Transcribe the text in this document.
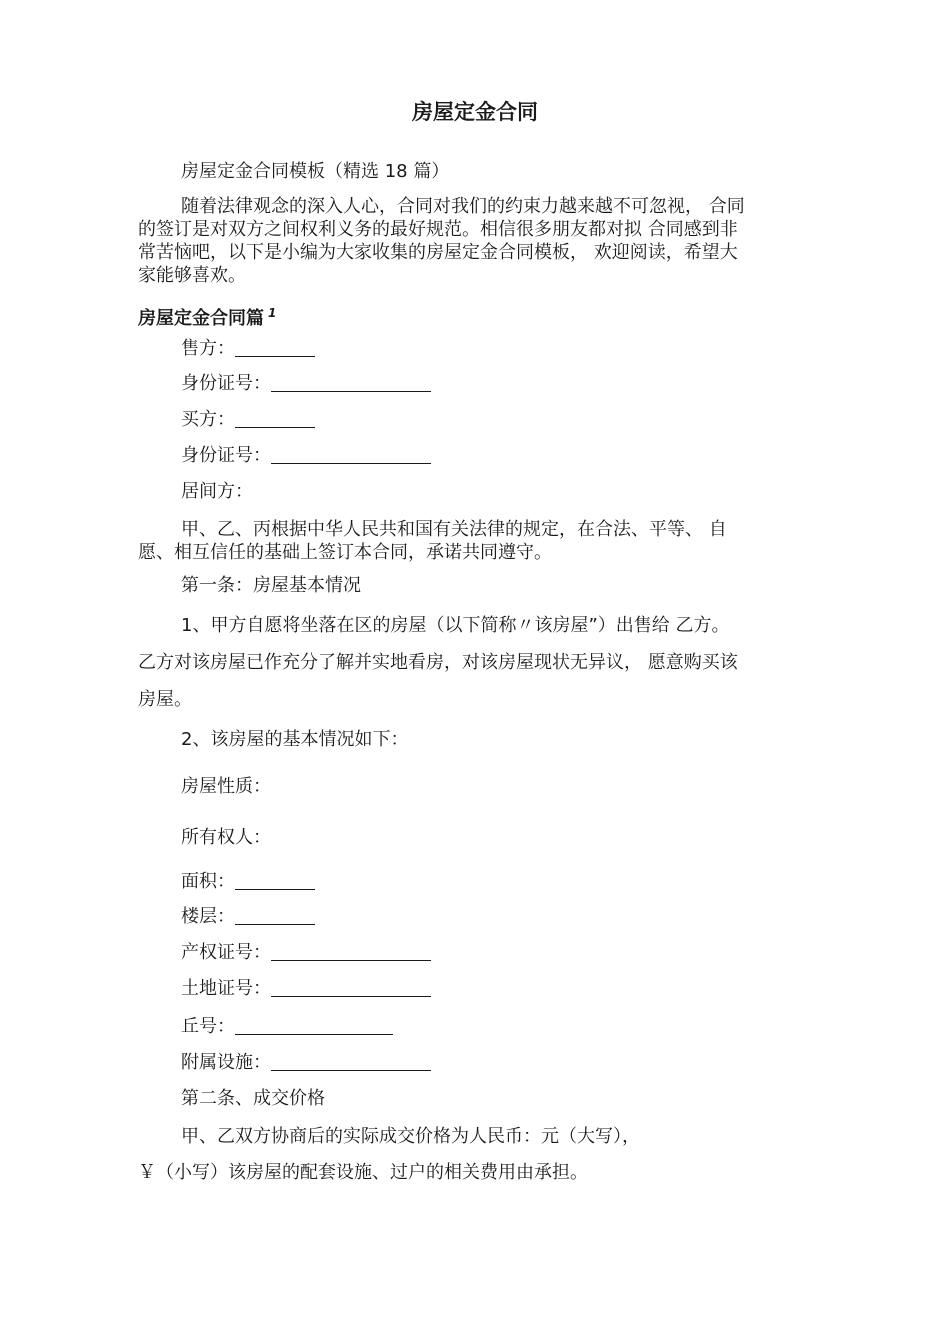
房屋定金合同

房屋定金合同模板（精选 18 篇）

随着法律观念的深入人心，合同对我们的约束力越来越不可忽视， 合同

的签订是对双方之间权利义务的最好规范。相信很多朋友都对拟 合同感到非

常苦恼吧，以下是小编为大家收集的房屋定金合同模板， 欢迎阅读，希望大

家能够喜欢。

房屋定金合同篇 $^1$

售方：

身份证号：

买方：

身份证号：

居间方：

甲、乙、丙根据中华人民共和国有关法律的规定，在合法、平等、 自

愿、相互信任的基础上签订本合同，承诺共同遵守。

第一条：房屋基本情况

1、甲方自愿将坐落在区的房屋（以下简称〃该房屋”）出售给 乙方。

乙方对该房屋已作充分了解并实地看房，对该房屋现状无异议， 愿意购买该

房屋。

2、该房屋的基本情况如下：

房屋性质：

所有权人：

面积：

楼层：

产权证号：

土地证号：

丘号：

附属设施：

第二条、成交价格

甲、乙双方协商后的实际成交价格为人民币：元（大写），

￥（小写）该房屋的配套设施、过户的相关费用由承担。
